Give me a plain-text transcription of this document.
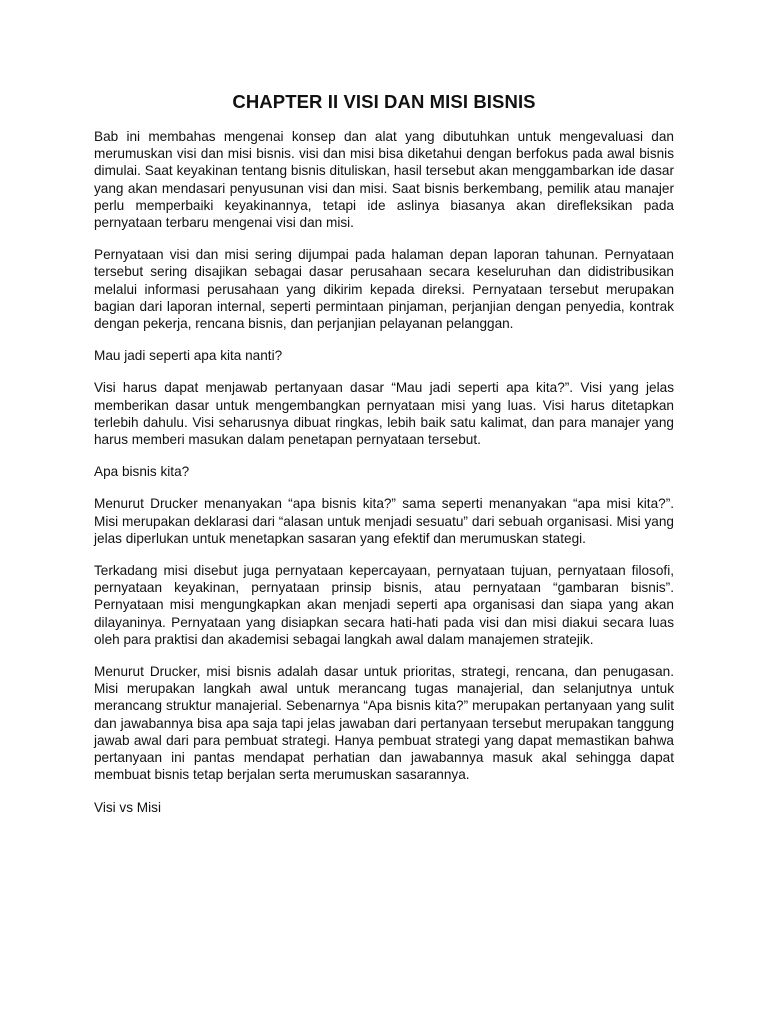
CHAPTER II VISI DAN MISI BISNIS

Bab ini membahas mengenai konsep dan alat yang dibutuhkan untuk mengevaluasi dan merumuskan visi dan misi bisnis. visi dan misi bisa diketahui dengan berfokus pada awal bisnis dimulai. Saat keyakinan tentang bisnis dituliskan, hasil tersebut akan menggambarkan ide dasar yang akan mendasari penyusunan visi dan misi. Saat bisnis berkembang, pemilik atau manajer perlu memperbaiki keyakinannya, tetapi ide aslinya biasanya akan direfleksikan pada pernyataan terbaru mengenai visi dan misi.

Pernyataan visi dan misi sering dijumpai pada halaman depan laporan tahunan. Pernyataan tersebut sering disajikan sebagai dasar perusahaan secara keseluruhan dan didistribusikan melalui informasi perusahaan yang dikirim kepada direksi. Pernyataan tersebut merupakan bagian dari laporan internal, seperti permintaan pinjaman, perjanjian dengan penyedia, kontrak dengan pekerja, rencana bisnis, dan perjanjian pelayanan pelanggan.

Mau jadi seperti apa kita nanti?

Visi harus dapat menjawab pertanyaan dasar “Mau jadi seperti apa kita?”. Visi yang jelas memberikan dasar untuk mengembangkan pernyataan misi yang luas. Visi harus ditetapkan terlebih dahulu. Visi seharusnya dibuat ringkas, lebih baik satu kalimat, dan para manajer yang harus memberi masukan dalam penetapan pernyataan tersebut.

Apa bisnis kita?

Menurut Drucker menanyakan “apa bisnis kita?” sama seperti menanyakan “apa misi kita?”. Misi merupakan deklarasi dari “alasan untuk menjadi sesuatu” dari sebuah organisasi. Misi yang jelas diperlukan untuk menetapkan sasaran yang efektif dan merumuskan stategi.

Terkadang misi disebut juga pernyataan kepercayaan, pernyataan tujuan, pernyataan filosofi, pernyataan keyakinan, pernyataan prinsip bisnis, atau pernyataan “gambaran bisnis”. Pernyataan misi mengungkapkan akan menjadi seperti apa organisasi dan siapa yang akan dilayaninya. Pernyataan yang disiapkan secara hati-hati pada visi dan misi diakui secara luas oleh para praktisi dan akademisi sebagai langkah awal dalam manajemen stratejik.

Menurut Drucker, misi bisnis adalah dasar untuk prioritas, strategi, rencana, dan penugasan. Misi merupakan langkah awal untuk merancang tugas manajerial, dan selanjutnya untuk merancang struktur manajerial. Sebenarnya “Apa bisnis kita?” merupakan pertanyaan yang sulit dan jawabannya bisa apa saja tapi jelas jawaban dari pertanyaan tersebut merupakan tanggung jawab awal dari para pembuat strategi. Hanya pembuat strategi yang dapat memastikan bahwa pertanyaan ini pantas mendapat perhatian dan jawabannya masuk akal sehingga dapat membuat bisnis tetap berjalan serta merumuskan sasarannya.

Visi vs Misi
